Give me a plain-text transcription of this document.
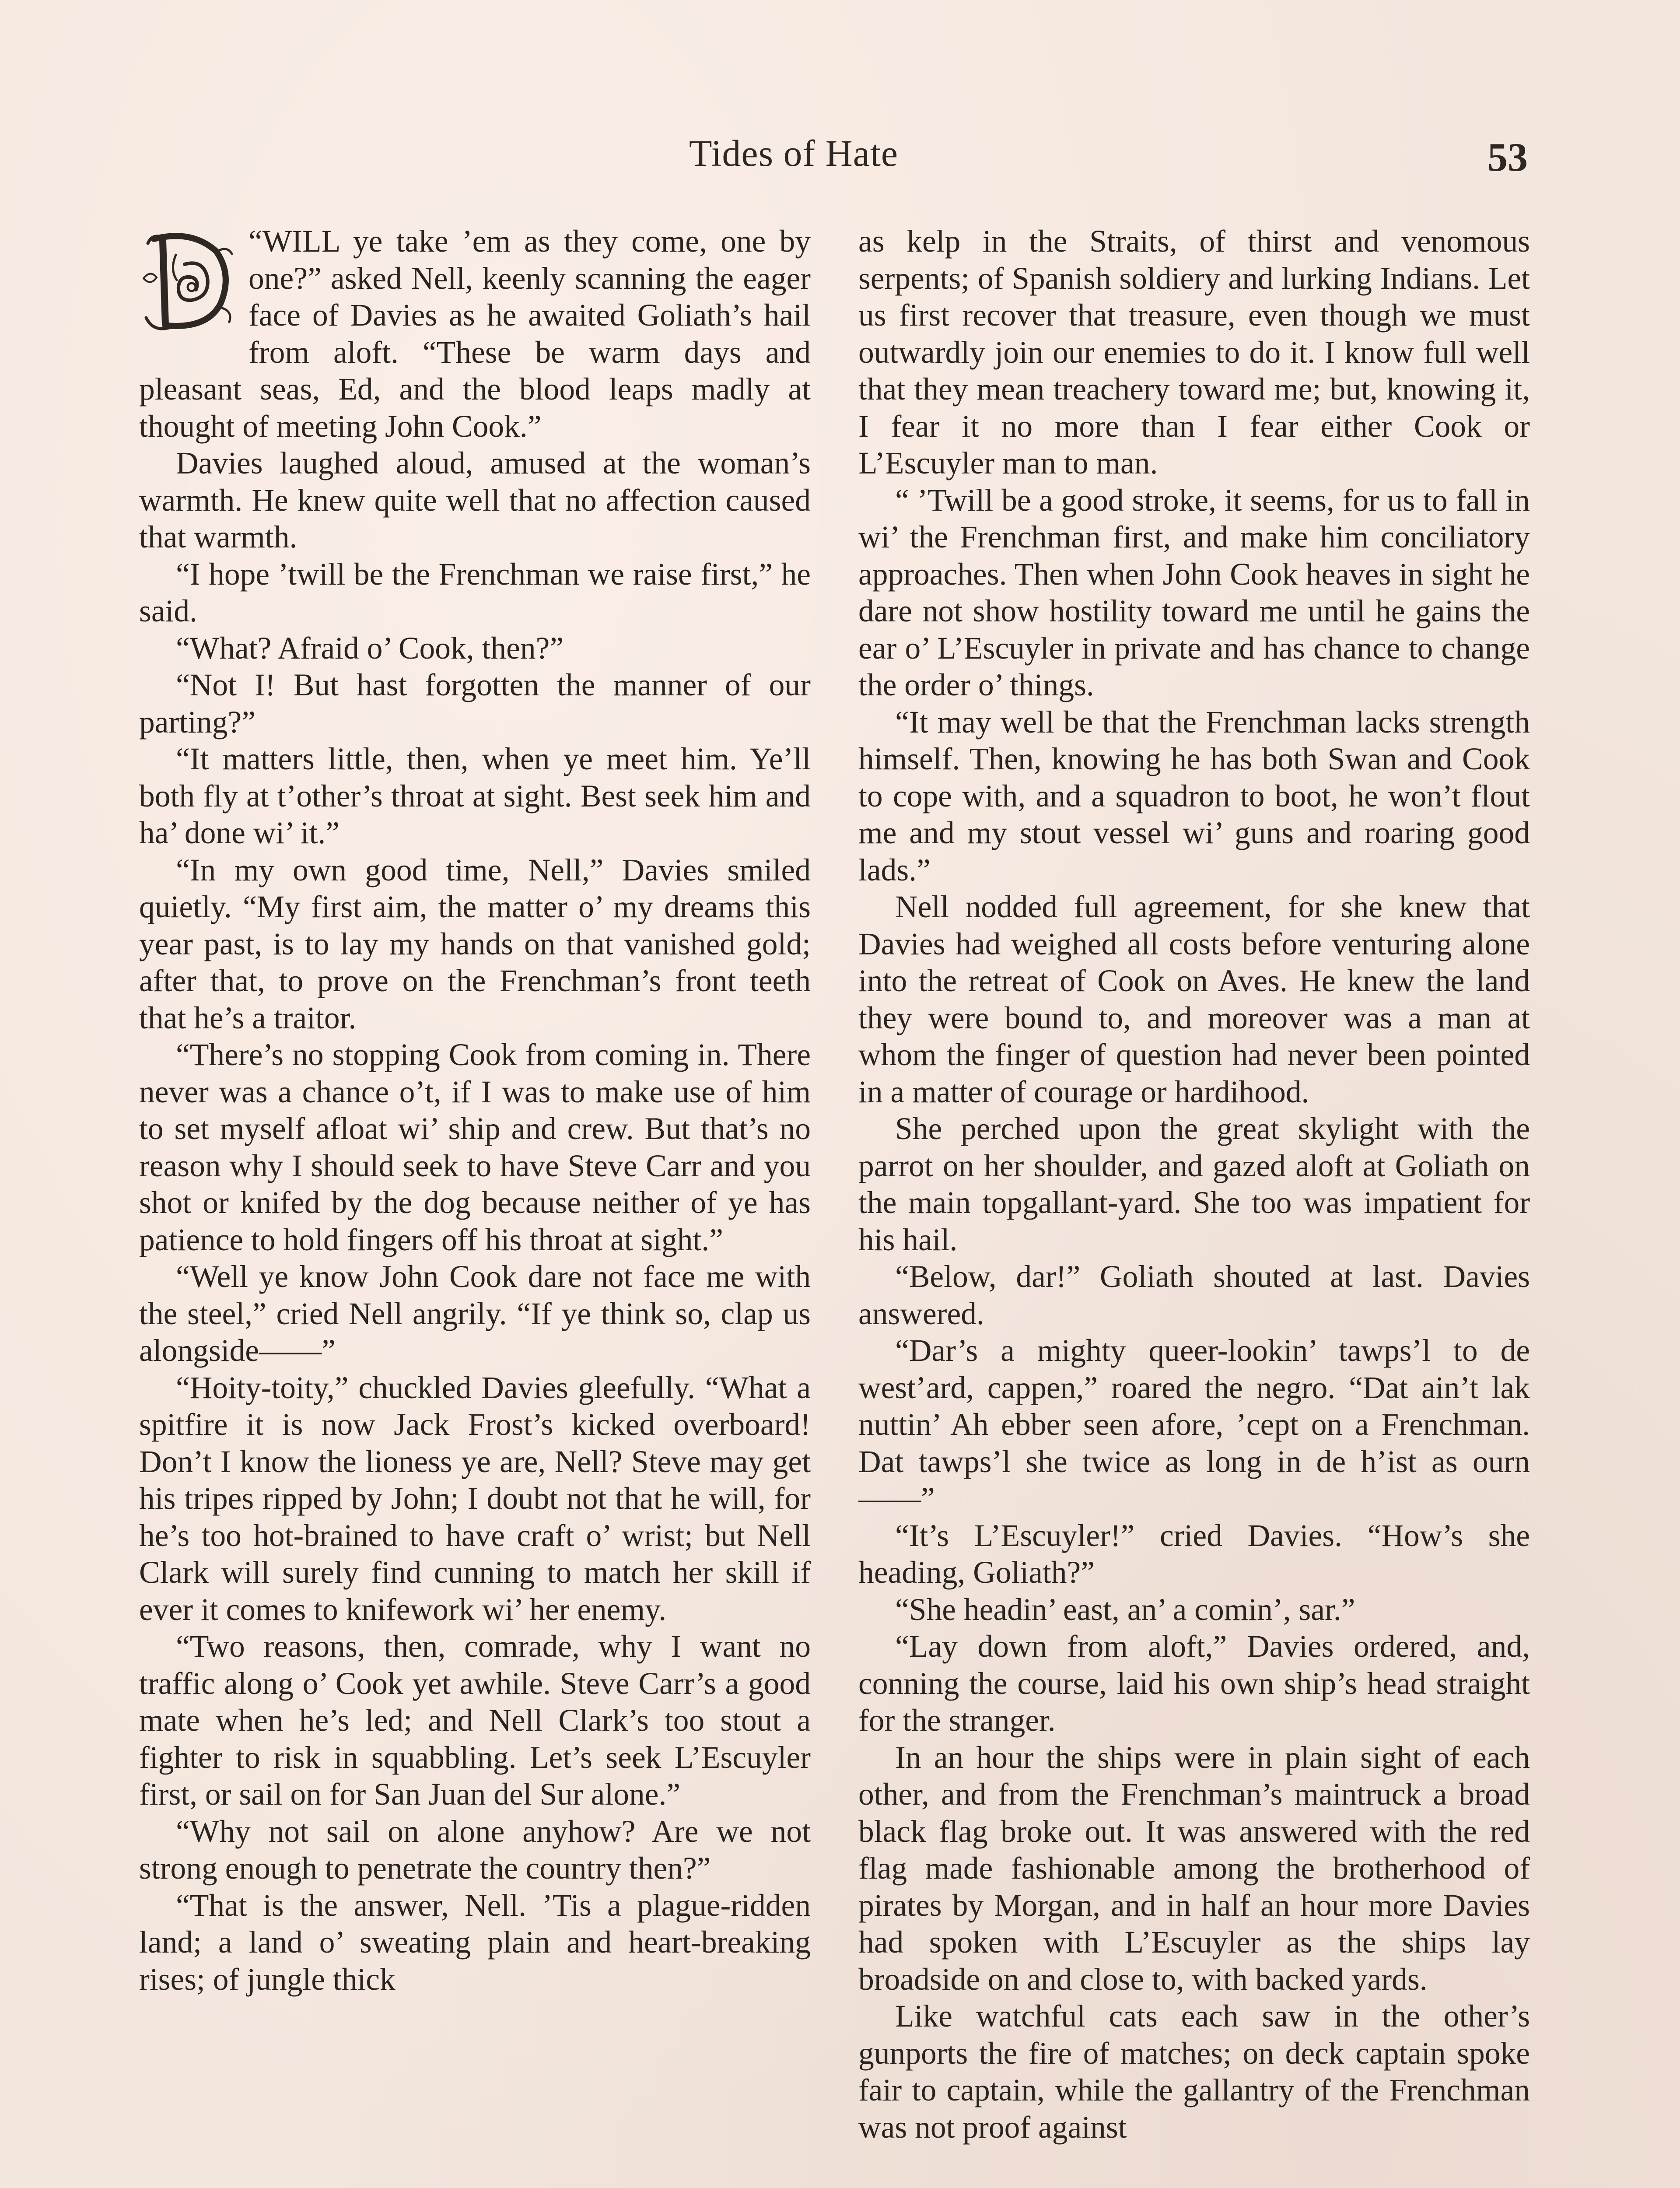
Tides of Hate	53

“WILL ye take ’em as they come, one by one?” asked Nell, keenly scanning the eager face of Davies as he awaited Goliath’s hail from aloft. “These be warm days and pleasant seas, Ed, and the blood leaps madly at thought of meeting John Cook.”

Davies laughed aloud, amused at the woman’s warmth. He knew quite well that no affection caused that warmth.

“I hope ’twill be the Frenchman we raise first,” he said.

“What? Afraid o’ Cook, then?”

“Not I! But hast forgotten the manner of our parting?”

“It matters little, then, when ye meet him. Ye’ll both fly at t’other’s throat at sight. Best seek him and ha’ done wi’ it.”

“In my own good time, Nell,” Davies smiled quietly. “My first aim, the matter o’ my dreams this year past, is to lay my hands on that vanished gold; after that, to prove on the Frenchman’s front teeth that he’s a traitor.

“There’s no stopping Cook from coming in. There never was a chance o’t, if I was to make use of him to set myself afloat wi’ ship and crew. But that’s no reason why I should seek to have Steve Carr and you shot or knifed by the dog because neither of ye has patience to hold fingers off his throat at sight.”

“Well ye know John Cook dare not face me with the steel,” cried Nell angrily. “If ye think so, clap us alongside——”

“Hoity-toity,” chuckled Davies gleefully. “What a spitfire it is now Jack Frost’s kicked overboard! Don’t I know the lioness ye are, Nell? Steve may get his tripes ripped by John; I doubt not that he will, for he’s too hot-brained to have craft o’ wrist; but Nell Clark will surely find cunning to match her skill if ever it comes to knifework wi’ her enemy.

“Two reasons, then, comrade, why I want no traffic along o’ Cook yet awhile. Steve Carr’s a good mate when he’s led; and Nell Clark’s too stout a fighter to risk in squabbling. Let’s seek L’Escuyler first, or sail on for San Juan del Sur alone.”

“Why not sail on alone anyhow? Are we not strong enough to penetrate the country then?”

“That is the answer, Nell. ’Tis a plague-ridden land; a land o’ sweating plain and heart-breaking rises; of jungle thick

as kelp in the Straits, of thirst and venomous serpents; of Spanish soldiery and lurking Indians. Let us first recover that treasure, even though we must outwardly join our enemies to do it. I know full well that they mean treachery toward me; but, knowing it, I fear it no more than I fear either Cook or L’Escuyler man to man.

“ ’Twill be a good stroke, it seems, for us to fall in wi’ the Frenchman first, and make him conciliatory approaches. Then when John Cook heaves in sight he dare not show hostility toward me until he gains the ear o’ L’Escuyler in private and has chance to change the order o’ things.

“It may well be that the Frenchman lacks strength himself. Then, knowing he has both Swan and Cook to cope with, and a squadron to boot, he won’t flout me and my stout vessel wi’ guns and roaring good lads.”

Nell nodded full agreement, for she knew that Davies had weighed all costs before venturing alone into the retreat of Cook on Aves. He knew the land they were bound to, and moreover was a man at whom the finger of question had never been pointed in a matter of courage or hardihood.

She perched upon the great skylight with the parrot on her shoulder, and gazed aloft at Goliath on the main topgallant-yard. She too was impatient for his hail.

“Below, dar!” Goliath shouted at last. Davies answered.

“Dar’s a mighty queer-lookin’ tawps’l to de west’ard, cappen,” roared the negro. “Dat ain’t lak nuttin’ Ah ebber seen afore, ’cept on a Frenchman. Dat tawps’l she twice as long in de h’ist as ourn——”

“It’s L’Escuyler!” cried Davies. “How’s she heading, Goliath?”

“She headin’ east, an’ a comin’, sar.”

“Lay down from aloft,” Davies ordered, and, conning the course, laid his own ship’s head straight for the stranger.

In an hour the ships were in plain sight of each other, and from the Frenchman’s maintruck a broad black flag broke out. It was answered with the red flag made fashionable among the brotherhood of pirates by Morgan, and in half an hour more Davies had spoken with L’Escuyler as the ships lay broadside on and close to, with backed yards.

Like watchful cats each saw in the other’s gunports the fire of matches; on deck captain spoke fair to captain, while the gallantry of the Frenchman was not proof against
